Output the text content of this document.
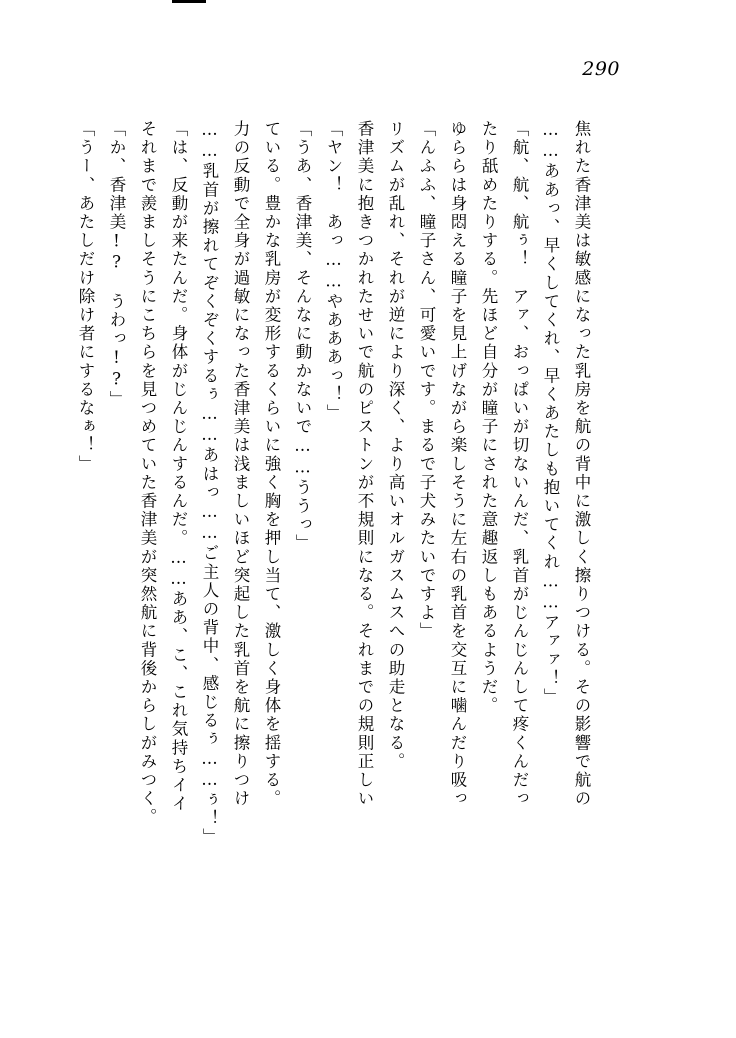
290
「うー、あたしだけ除け者にするなぁ！」 「か、香津美!?　うわっ!?」 それまで羨ましそうにこちらを見つめていた香津美が突然航に背後からしがみつく。 「は、反動が来たんだ。身体がじんじんするんだ。……ああ、こ、これ気持ちイイ ……乳首が擦れてぞくぞくするぅ……あはっ……ご主人の背中、感じるぅ……ぅ！」 力の反動で全身が過敏になった香津美は浅ましいほど突起した乳首を航に擦りつけ ている。豊かな乳房が変形するくらいに強く胸を押し当て、激しく身体を揺する。 「うあ、香津美、そんなに動かないで……ううっ」 「ヤン！　あっ……やあああっ！」 香津美に抱きつかれたせいで航のピストンが不規則になる。それまでの規則正しい リズムが乱れ、それが逆により深く、より高いオルガスムスへの助走となる。 「んふふ、瞳子さん、可愛いです。まるで子犬みたいですよ」 ゆららは身悶える瞳子を見上げながら楽しそうに左右の乳首を交互に噛んだり吸っ たり舐めたりする。先ほど自分が瞳子にされた意趣返しもあるようだ。 「航、航、航ぅ！　アァ、おっぱいが切ないんだ、乳首がじんじんして疼くんだっ ……ああっ、早くしてくれ、早くあたしも抱いてくれ……アァァ！」 焦れた香津美は敏感になった乳房を航の背中に激しく擦りつける。その影響で航の
